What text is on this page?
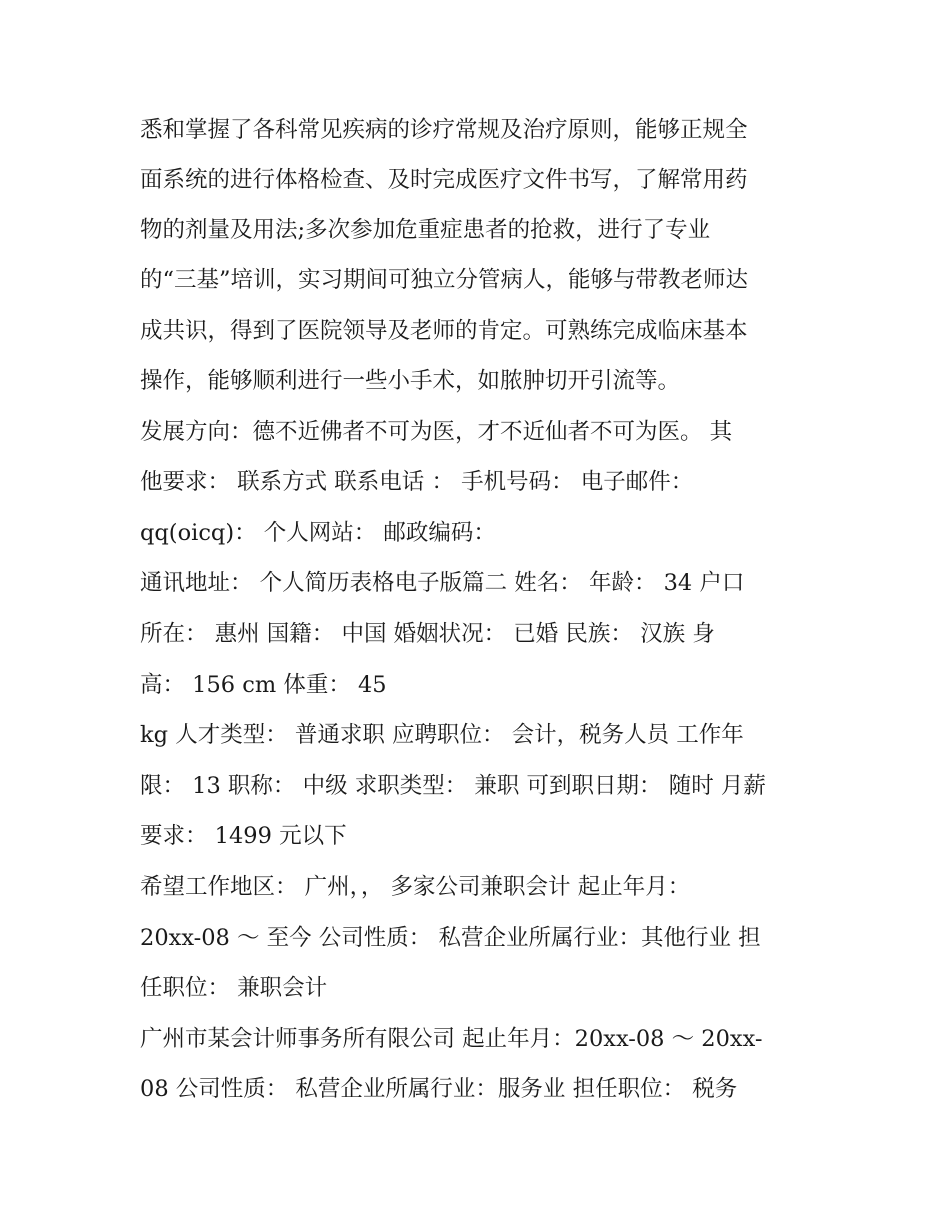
悉和掌握了各科常见疾病的诊疗常规及治疗原则，能够正规全
面系统的进行体格检查、及时完成医疗文件书写，了解常用药
物的剂量及用法;多次参加危重症患者的抢救，进行了专业
的“三基”培训，实习期间可独立分管病人，能够与带教老师达
成共识，得到了医院领导及老师的肯定。可熟练完成临床基本
操作，能够顺利进行一些小手术，如脓肿切开引流等。
发展方向：德不近佛者不可为医，才不近仙者不可为医。 其
他要求： 联系方式 联系电话 ： 手机号码： 电子邮件：
qq(oicq)： 个人网站： 邮政编码：
通讯地址： 个人简历表格电子版篇二 姓名： 年龄： 34 户口
所在： 惠州 国籍： 中国 婚姻状况： 已婚 民族： 汉族 身
高： 156 cm 体重： 45
kg 人才类型： 普通求职 应聘职位： 会计，税务人员 工作年
限： 13 职称： 中级 求职类型： 兼职 可到职日期： 随时 月薪
要求： 1499 元以下
希望工作地区： 广州，， 多家公司兼职会计 起止年月：
20xx-08 ～ 至今 公司性质： 私营企业所属行业：其他行业 担
任职位： 兼职会计
广州市某会计师事务所有限公司 起止年月：20xx-08 ～ 20xx-
08 公司性质： 私营企业所属行业：服务业 担任职位： 税务
